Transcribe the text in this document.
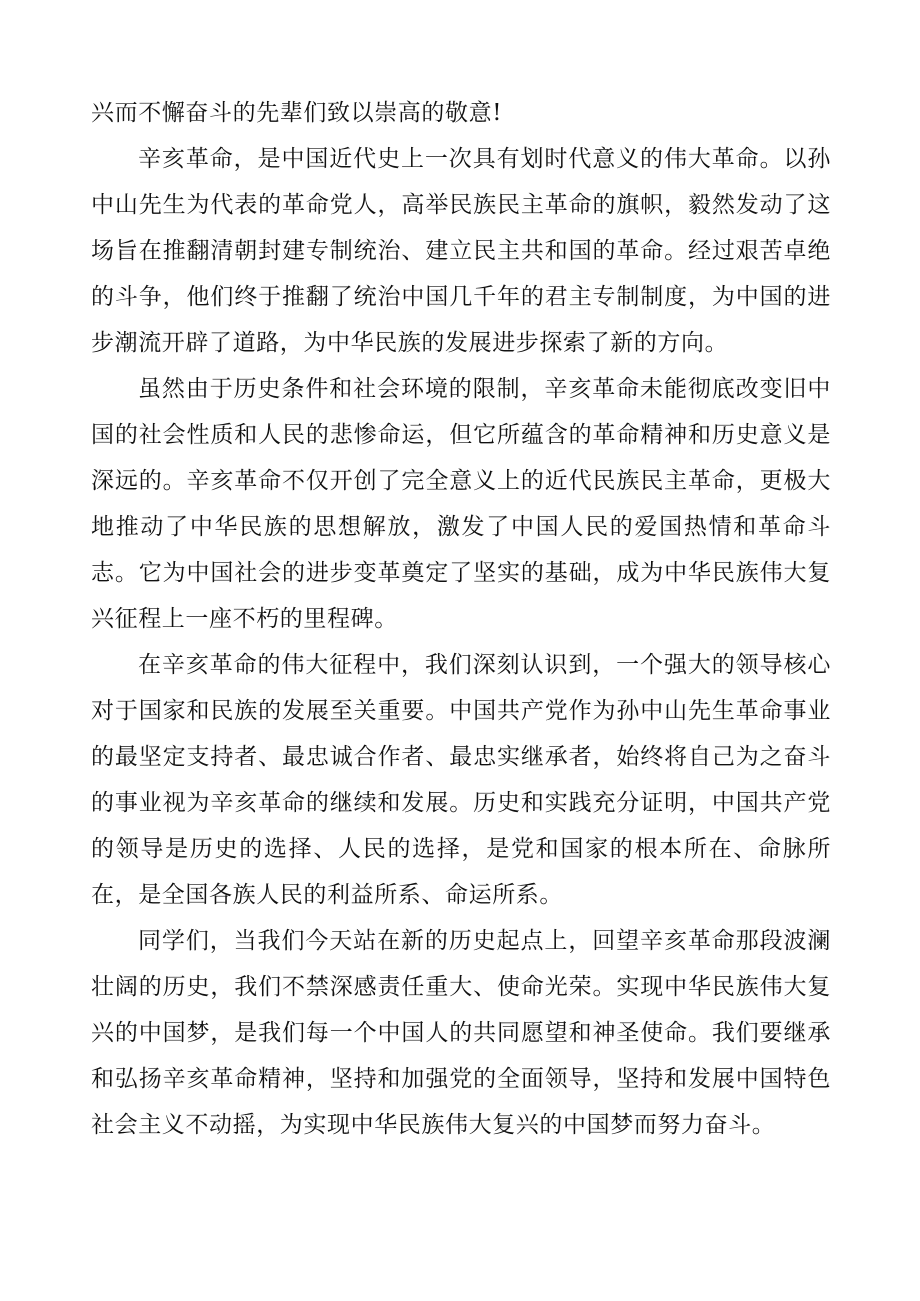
兴而不懈奋斗的先辈们致以崇高的敬意!

辛亥革命，是中国近代史上一次具有划时代意义的伟大革命。以孙中山先生为代表的革命党人，高举民族民主革命的旗帜，毅然发动了这场旨在推翻清朝封建专制统治、建立民主共和国的革命。经过艰苦卓绝的斗争，他们终于推翻了统治中国几千年的君主专制制度，为中国的进步潮流开辟了道路，为中华民族的发展进步探索了新的方向。

虽然由于历史条件和社会环境的限制，辛亥革命未能彻底改变旧中国的社会性质和人民的悲惨命运，但它所蕴含的革命精神和历史意义是深远的。辛亥革命不仅开创了完全意义上的近代民族民主革命，更极大地推动了中华民族的思想解放，激发了中国人民的爱国热情和革命斗志。它为中国社会的进步变革奠定了坚实的基础，成为中华民族伟大复兴征程上一座不朽的里程碑。

在辛亥革命的伟大征程中，我们深刻认识到，一个强大的领导核心对于国家和民族的发展至关重要。中国共产党作为孙中山先生革命事业的最坚定支持者、最忠诚合作者、最忠实继承者，始终将自己为之奋斗的事业视为辛亥革命的继续和发展。历史和实践充分证明，中国共产党的领导是历史的选择、人民的选择，是党和国家的根本所在、命脉所在，是全国各族人民的利益所系、命运所系。

同学们，当我们今天站在新的历史起点上，回望辛亥革命那段波澜壮阔的历史，我们不禁深感责任重大、使命光荣。实现中华民族伟大复兴的中国梦，是我们每一个中国人的共同愿望和神圣使命。我们要继承和弘扬辛亥革命精神，坚持和加强党的全面领导，坚持和发展中国特色社会主义不动摇，为实现中华民族伟大复兴的中国梦而努力奋斗。
